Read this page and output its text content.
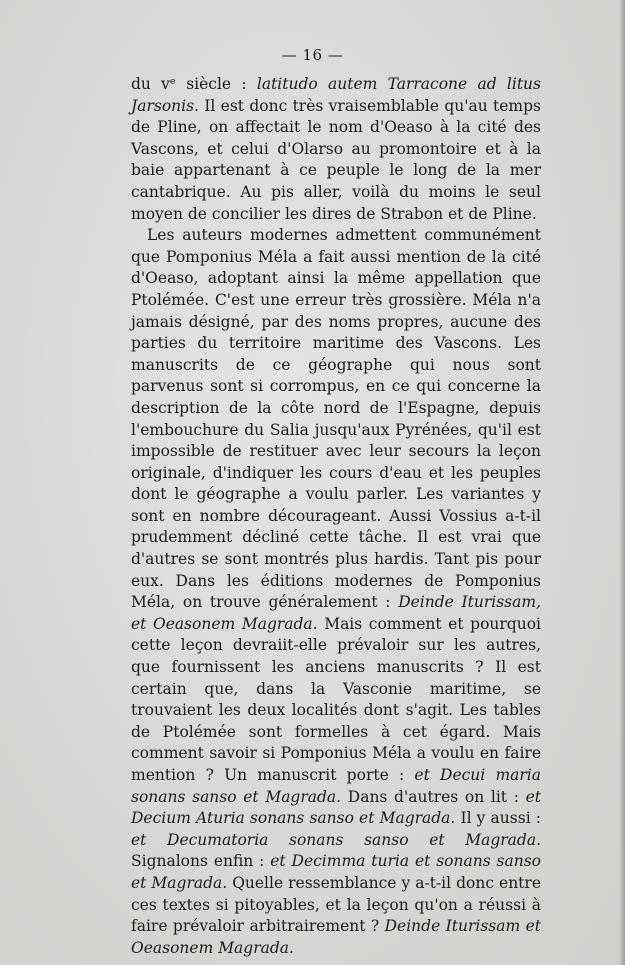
— 16 —

du vᵉ siècle : latitudo autem Tarracone ad litus Jarsonis. Il est donc très vraisemblable qu'au temps de Pline, on affectait le nom d'Oeaso à la cité des Vascons, et celui d'Olarso au promontoire et à la baie appartenant à ce peuple le long de la mer cantabrique. Au pis aller, voilà du moins le seul moyen de concilier les dires de Strabon et de Pline.

Les auteurs modernes admettent communément que Pomponius Méla a fait aussi mention de la cité d'Oeaso, adoptant ainsi la même appellation que Ptolémée. C'est une erreur très grossière. Méla n'a jamais désigné, par des noms propres, aucune des parties du territoire maritime des Vascons. Les manuscrits de ce géographe qui nous sont parvenus sont si corrompus, en ce qui concerne la description de la côte nord de l'Espagne, depuis l'embouchure du Salia jusqu'aux Pyrénées, qu'il est impossible de restituer avec leur secours la leçon originale, d'indiquer les cours d'eau et les peuples dont le géographe a voulu parler. Les variantes y sont en nombre décourageant. Aussi Vossius a-t-il prudemment décliné cette tâche. Il est vrai que d'autres se sont montrés plus hardis. Tant pis pour eux. Dans les éditions modernes de Pomponius Méla, on trouve généralement : Deinde Iturissam, et Oeasonem Magrada. Mais comment et pourquoi cette leçon devraiit-elle prévaloir sur les autres, que fournissent les anciens manuscrits ? Il est certain que, dans la Vasconie maritime, se trouvaient les deux localités dont s'agit. Les tables de Ptolémée sont formelles à cet égard. Mais comment savoir si Pomponius Méla a voulu en faire mention ? Un manuscrit porte : et Decui maria sonans sanso et Magrada. Dans d'autres on lit : et Decium Aturia sonans sanso et Magrada. Il y aussi : et Decumatoria sonans sanso et Magrada. Signalons enfin : et Decimma turia et sonans sanso et Magrada. Quelle ressemblance y a-t-il donc entre ces textes si pitoyables, et la leçon qu'on a réussi à faire prévaloir arbitrairement ? Deinde Iturissam et Oeasonem Magrada.
